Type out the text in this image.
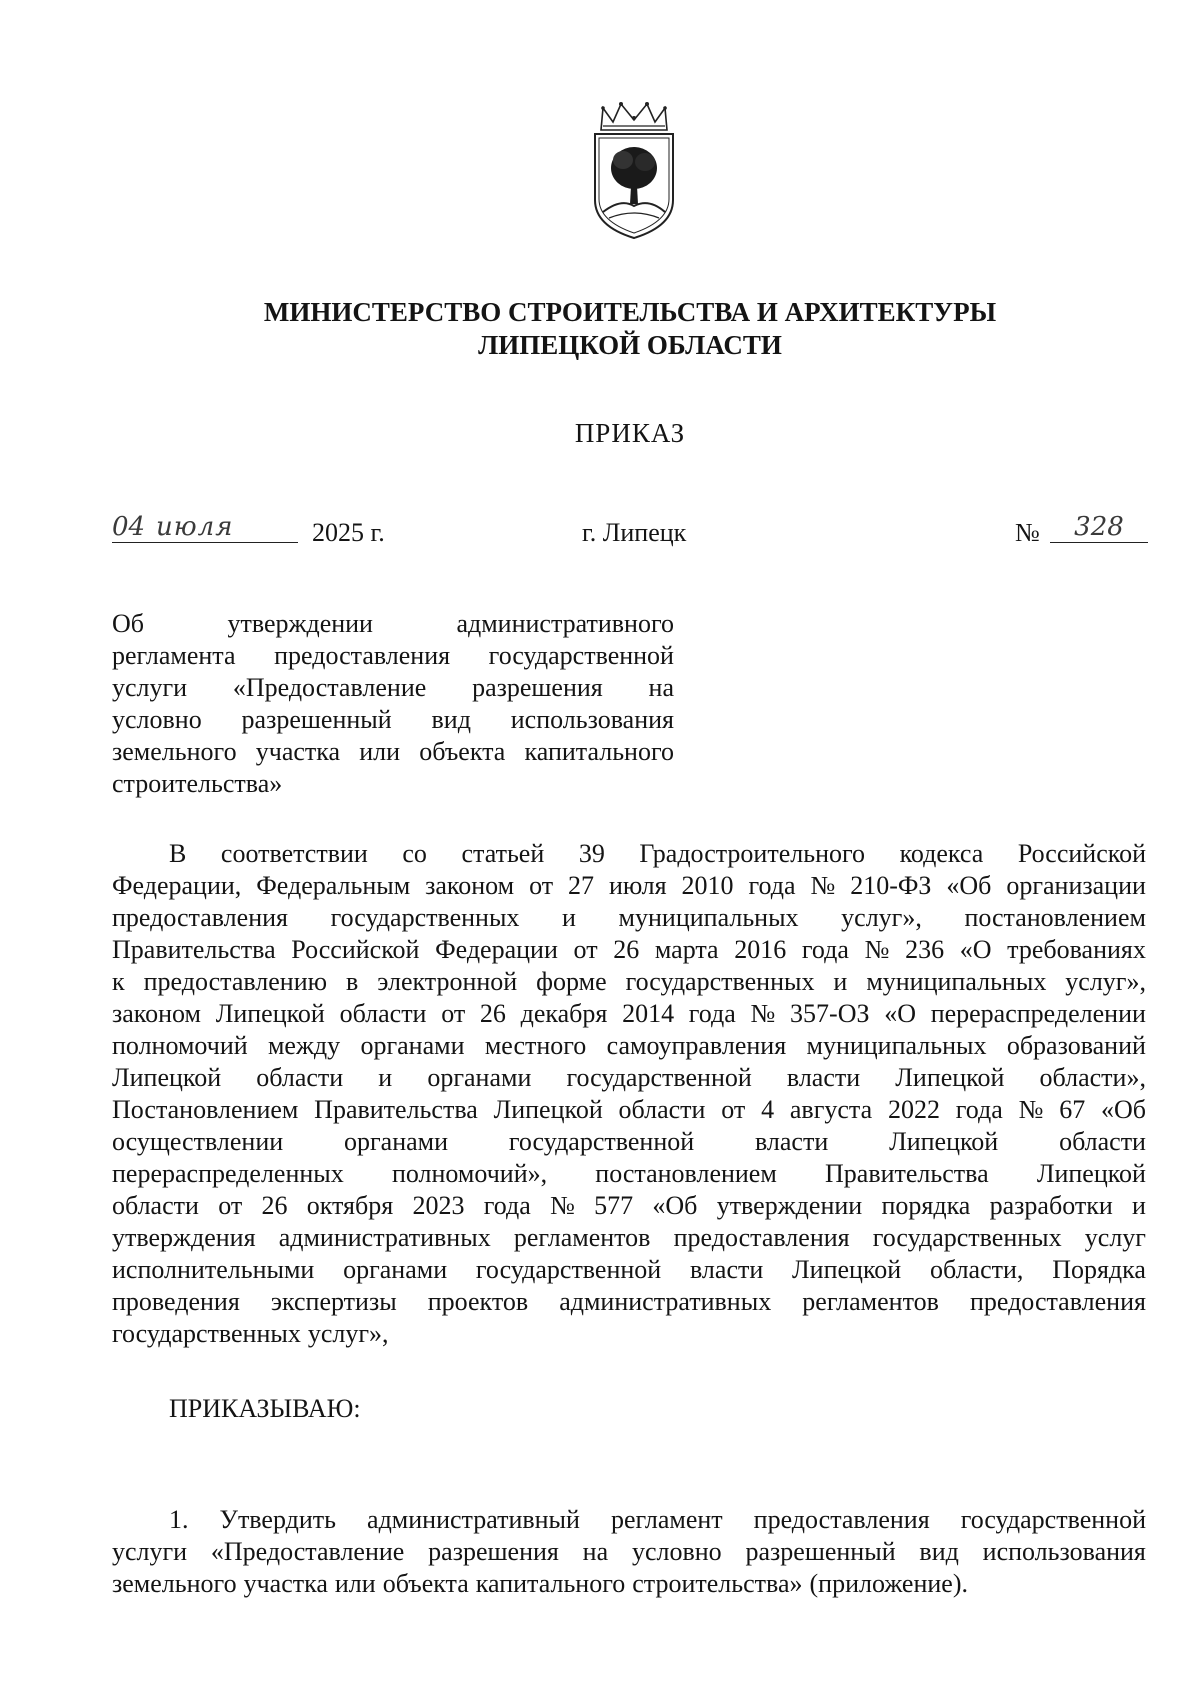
МИНИСТЕРСТВО СТРОИТЕЛЬСТВА И АРХИТЕКТУРЫ
ЛИПЕЦКОЙ ОБЛАСТИ
ПРИКАЗ
04 июля	2025 г.	г. Липецк	№	328
Об	утверждении	административного
регламента предоставления государственной
услуги «Предоставление разрешения на
условно разрешенный вид использования
земельного участка или объекта капитального
строительства»
В соответствии со статьей 39 Градостроительного кодекса Российской
Федерации, Федеральным законом от 27 июля 2010 года № 210-ФЗ «Об организации
предоставления государственных и муниципальных услуг», постановлением
Правительства Российской Федерации от 26 марта 2016 года № 236 «О требованиях
к предоставлению в электронной форме государственных и муниципальных услуг»,
законом Липецкой области от 26 декабря 2014 года № 357-ОЗ «О перераспределении
полномочий между органами местного самоуправления муниципальных образований
Липецкой области и органами государственной власти Липецкой области»,
Постановлением Правительства Липецкой области от 4 августа 2022 года № 67 «Об
осуществлении органами государственной власти Липецкой области
перераспределенных полномочий», постановлением Правительства Липецкой
области от 26 октября 2023 года № 577 «Об утверждении порядка разработки и
утверждения административных регламентов предоставления государственных услуг
исполнительными органами государственной власти Липецкой области, Порядка
проведения экспертизы проектов административных регламентов предоставления
государственных услуг»,
ПРИКАЗЫВАЮ:
1. Утвердить административный регламент предоставления государственной
услуги «Предоставление разрешения на условно разрешенный вид использования
земельного участка или объекта капитального строительства» (приложение).
